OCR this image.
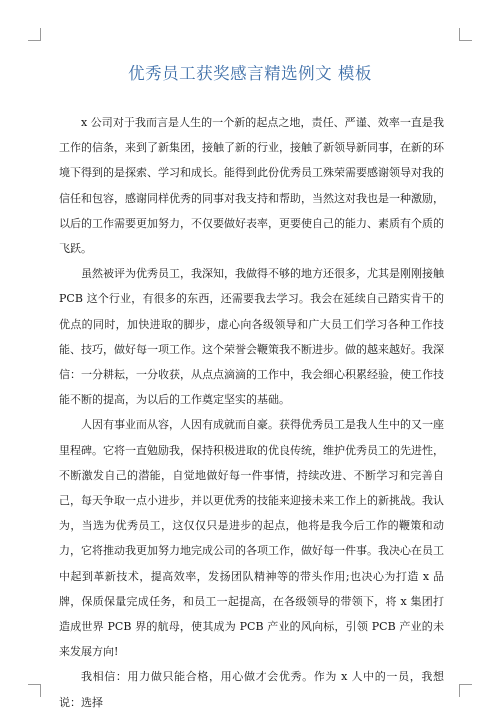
优秀员工获奖感言精选例文 模板

x 公司对于我而言是人生的一个新的起点之地，责任、严谨、效率一直是我工作的信条，来到了新集团，接触了新的行业，接触了新领导新同事，在新的环境下得到的是探索、学习和成长。能得到此份优秀员工殊荣需要感谢领导对我的信任和包容，感谢同样优秀的同事对我支持和帮助，当然这对我也是一种激励，以后的工作需要更加努力，不仅要做好表率，更要使自己的能力、素质有个质的飞跃。

虽然被评为优秀员工，我深知，我做得不够的地方还很多，尤其是刚刚接触 PCB 这个行业，有很多的东西，还需要我去学习。我会在延续自己踏实肯干的优点的同时，加快进取的脚步，虚心向各级领导和广大员工们学习各种工作技能、技巧，做好每一项工作。这个荣誉会鞭策我不断进步。做的越来越好。我深信：一分耕耘，一分收获，从点点滴滴的工作中，我会细心积累经验，使工作技能不断的提高，为以后的工作奠定坚实的基础。

人因有事业而从容，人因有成就而自豪。获得优秀员工是我人生中的又一座里程碑。它将一直勉励我，保持积极进取的优良传统，维护优秀员工的先进性，不断激发自己的潜能，自觉地做好每一件事情，持续改进、不断学习和完善自己，每天争取一点小进步，并以更优秀的技能来迎接未来工作上的新挑战。我认为，当选为优秀员工，这仅仅只是进步的起点，他将是我今后工作的鞭策和动力，它将推动我更加努力地完成公司的各项工作，做好每一件事。我决心在员工中起到革新技术，提高效率，发扬团队精神等的带头作用;也决心为打造 x 品牌，保质保量完成任务，和员工一起提高，在各级领导的带领下，将 x 集团打造成世界 PCB 界的航母，使其成为 PCB 产业的风向标，引领 PCB 产业的未来发展方向!

我相信：用力做只能合格，用心做才会优秀。作为 x 人中的一员，我想说：选择
